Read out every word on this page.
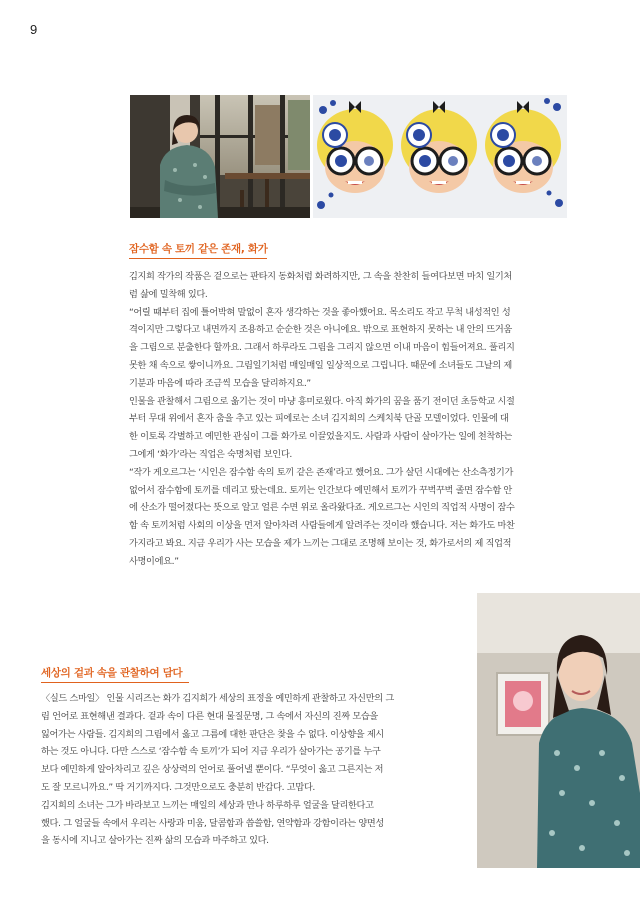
9
잠수함 속 토끼 같은 존재, 화가
김지희 작가의 작품은 겉으로는 판타지 동화처럼 화려하지만, 그 속을 찬찬히 들여다보면 마치 일기처
럼 삶에 밀착해 있다.
“어릴 때부터 집에 틀어박혀 말없이 혼자 생각하는 것을 좋아했어요. 목소리도 작고 무척 내성적인 성
격이지만 그렇다고 내면까지 조용하고 순순한 것은 아니에요. 밖으로 표현하지 못하는 내 안의 뜨거움
을 그림으로 분출한다 할까요. 그래서 하루라도 그림을 그리지 않으면 이내 마음이 힘들어져요. 풀리지
못한 채 속으로 쌓이니까요. 그림일기처럼 매일매일 일상적으로 그립니다. 때문에 소녀들도 그날의 제
기분과 마음에 따라 조금씩 모습을 달리하지요.”
인물을 관찰해서 그림으로 옮기는 것이 마냥 흥미로웠다. 아직 화가의 꿈을 품기 전이던 초등학교 시절
부터 무대 위에서 혼자 춤을 추고 있는 피에로는 소녀 김지희의 스케치북 단골 모델이었다. 인물에 대
한 이토록 각별하고 예민한 관심이 그를 화가로 이끌었을지도. 사람과 사람이 살아가는 일에 천착하는
그에게 ‘화가’라는 직업은 숙명처럼 보인다.
“작가 게오르그는 ‘시인은 잠수함 속의 토끼 같은 존재’라고 했어요. 그가 살던 시대에는 산소측정기가
없어서 잠수함에 토끼를 데리고 탔는데요. 토끼는 인간보다 예민해서 토끼가 꾸벅꾸벅 졸면 잠수함 안
에 산소가 떨어졌다는 뜻으로 알고 얼른 수면 위로 올라왔다죠. 게오르그는 시인의 직업적 사명이 잠수
함 속 토끼처럼 사회의 이상을 먼저 알아차려 사람들에게 알려주는 것이라 했습니다. 저는 화가도 마찬
가지라고 봐요. 지금 우리가 사는 모습을 제가 느끼는 그대로 조명해 보이는 것, 화가로서의 제 직업적
사명이에요.”
세상의 겉과 속을 관찰하여 담다
〈실드 스마일〉 인물 시리즈는 화가 김지희가 세상의 표정을 예민하게 관찰하고 자신만의 그
림 언어로 표현해낸 결과다. 겉과 속이 다른 현대 물질문명, 그 속에서 자신의 진짜 모습을
잃어가는 사람들. 김지희의 그림에서 옳고 그름에 대한 판단은 찾을 수 없다. 이상향을 제시
하는 것도 아니다. 다만 스스로 ‘잠수함 속 토끼’가 되어 지금 우리가 살아가는 공기를 누구
보다 예민하게 알아차리고 깊은 상상력의 언어로 풀어낼 뿐이다. “무엇이 옳고 그른지는 저
도 잘 모르니까요.” 딱 거기까지다. 그것만으로도 충분히 반갑다. 고맙다.
김지희의 소녀는 그가 바라보고 느끼는 매일의 세상과 만나 하루하루 얼굴을 달리한다고
했다. 그 얼굴들 속에서 우리는 사랑과 미움, 달콤함과 씁쓸함, 연약함과 강함이라는 양면성
을 동시에 지니고 살아가는 진짜 삶의 모습과 마주하고 있다.
